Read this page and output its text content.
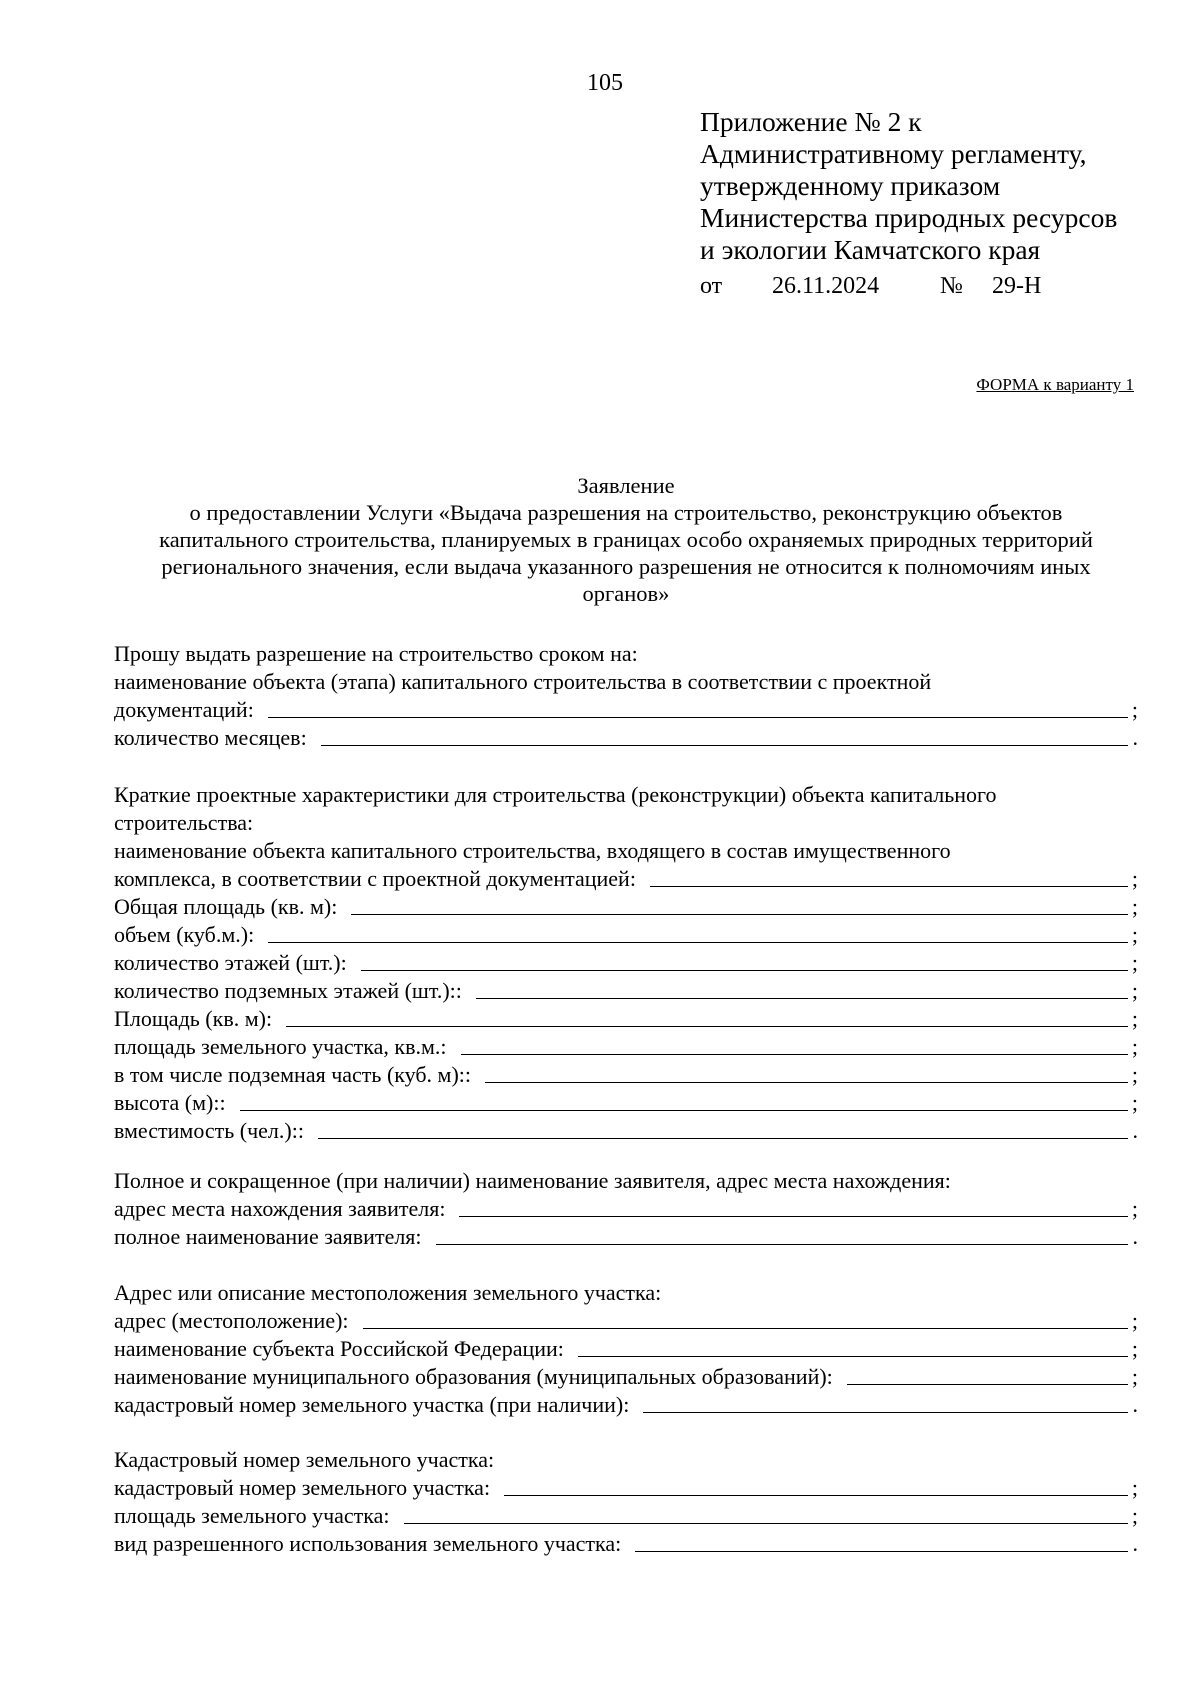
105
Приложение № 2 к
Административному регламенту,
утвержденному приказом
Министерства природных ресурсов
и экологии Камчатского края
от 26.11.2024	№ 29-Н
ФОРМА к варианту 1
Заявление
о предоставлении Услуги «Выдача разрешения на строительство, реконструкцию объектов
капитального строительства, планируемых в границах особо охраняемых природных территорий
регионального значения, если выдача указанного разрешения не относится к полномочиям иных
органов»
Прошу выдать разрешение на строительство сроком на:
наименование объекта (этапа) капитального строительства в соответствии с проектной
документаций:	;
количество месяцев:	.
Краткие проектные характеристики для строительства (реконструкции) объекта капитального
строительства:
наименование объекта капитального строительства, входящего в состав имущественного
комплекса, в соответствии с проектной документацией:	;
Общая площадь (кв. м):	;
объем (куб.м.):	;
количество этажей (шт.):	;
количество подземных этажей (шт.)::	;
Площадь (кв. м):	;
площадь земельного участка, кв.м.:	;
в том числе подземная часть (куб. м)::	;
высота (м)::	;
вместимость (чел.)::	.
Полное и сокращенное (при наличии) наименование заявителя, адрес места нахождения:
адрес места нахождения заявителя:	;
полное наименование заявителя:	.
Адрес или описание местоположения земельного участка:
адрес (местоположение):	;
наименование субъекта Российской Федерации:	;
наименование муниципального образования (муниципальных образований):	;
кадастровый номер земельного участка (при наличии):	.
Кадастровый номер земельного участка:
кадастровый номер земельного участка:	;
площадь земельного участка:	;
вид разрешенного использования земельного участка:	.
